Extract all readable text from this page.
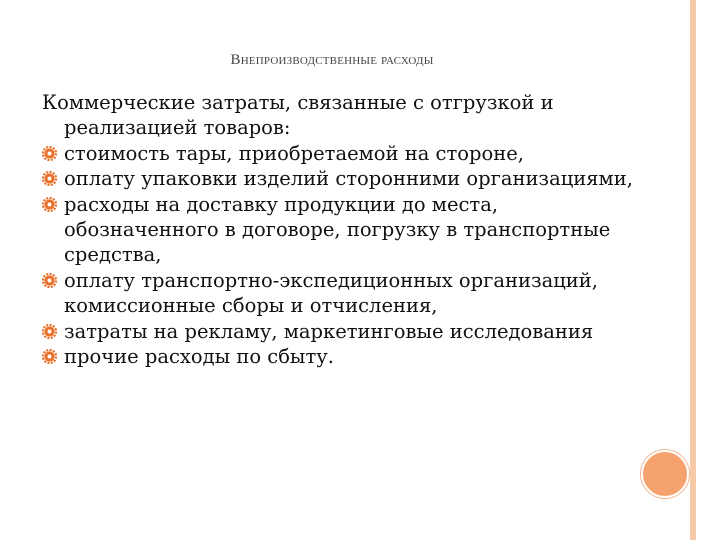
Внепроизводственные расходы

Коммерческие затраты, связанные с отгрузкой и реализацией товаров:

стоимость тары, приобретаемой на стороне,
оплату упаковки изделий сторонними организациями,
расходы на доставку продукции до места, обозначенного в договоре, погрузку в транспортные средства,
оплату транспортно-экспедиционных организаций, комиссионные сборы и отчисления,
затраты на рекламу, маркетинговые исследования
прочие расходы по сбыту.
